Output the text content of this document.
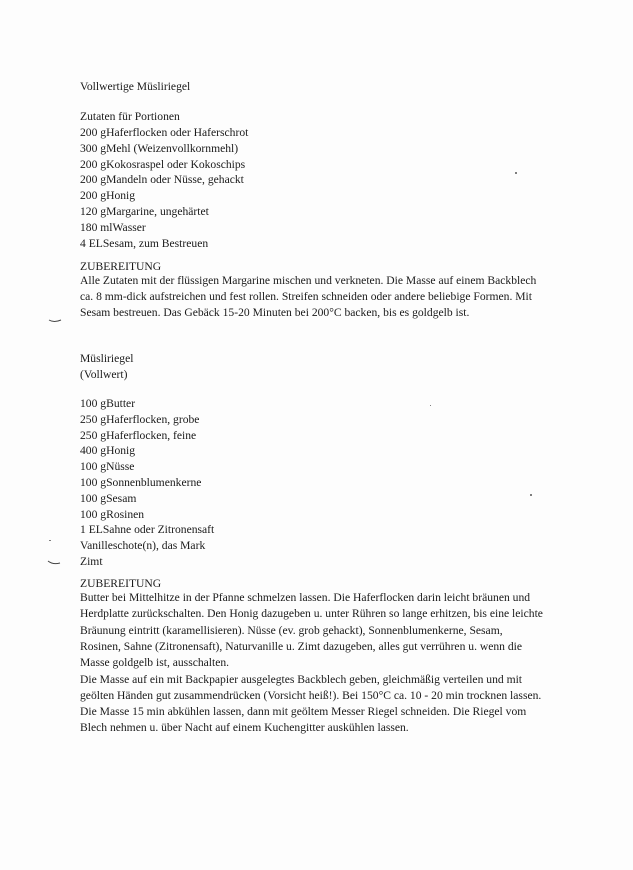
Vollwertige Müsliriegel
Zutaten für Portionen
200 gHaferflocken oder Haferschrot
300 gMehl (Weizenvollkornmehl)
200 gKokosraspel oder Kokoschips
200 gMandeln oder Nüsse, gehackt
200 gHonig
120 gMargarine, ungehärtet
180 mlWasser
4 ELSesam, zum Bestreuen
ZUBEREITUNG
Alle Zutaten mit der flüssigen Margarine mischen und verkneten. Die Masse auf einem Backblech
ca. 8 mm-dick aufstreichen und fest rollen. Streifen schneiden oder andere beliebige Formen. Mit
Sesam bestreuen. Das Gebäck 15-20 Minuten bei 200°C backen, bis es goldgelb ist.
Müsliriegel
(Vollwert)
100 gButter
250 gHaferflocken, grobe
250 gHaferflocken, feine
400 gHonig
100 gNüsse
100 gSonnenblumenkerne
100 gSesam
100 gRosinen
1 ELSahne oder Zitronensaft
Vanilleschote(n), das Mark
Zimt
ZUBEREITUNG
Butter bei Mittelhitze in der Pfanne schmelzen lassen. Die Haferflocken darin leicht bräunen und
Herdplatte zurückschalten. Den Honig dazugeben u. unter Rühren so lange erhitzen, bis eine leichte
Bräunung eintritt (karamellisieren). Nüsse (ev. grob gehackt), Sonnenblumenkerne, Sesam,
Rosinen, Sahne (Zitronensaft), Naturvanille u. Zimt dazugeben, alles gut verrühren u. wenn die
Masse goldgelb ist, ausschalten.
Die Masse auf ein mit Backpapier ausgelegtes Backblech geben, gleichmäßig verteilen und mit
geölten Händen gut zusammendrücken (Vorsicht heiß!). Bei 150°C ca. 10 - 20 min trocknen lassen.
Die Masse 15 min abkühlen lassen, dann mit geöltem Messer Riegel schneiden. Die Riegel vom
Blech nehmen u. über Nacht auf einem Kuchengitter auskühlen lassen.
